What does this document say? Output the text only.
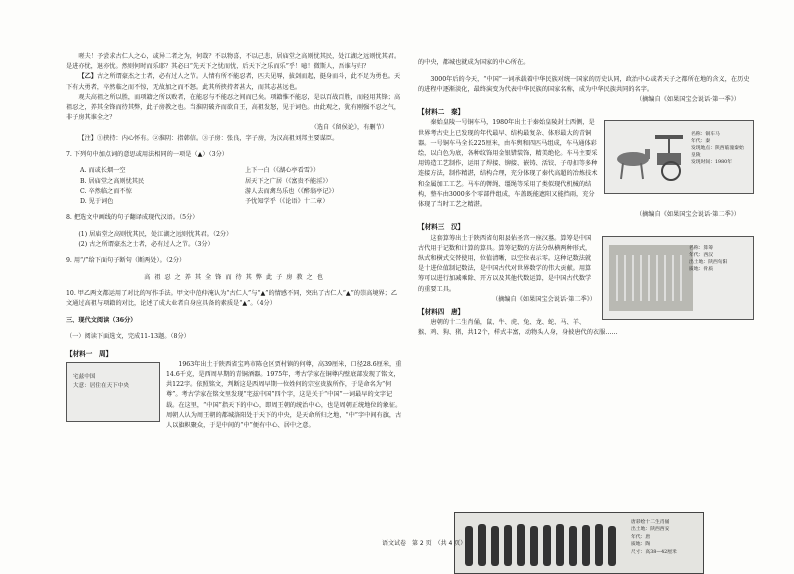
嗟夫！予尝求古仁人之心，或异二者之为，何哉？不以物喜，不以己悲，居庙堂之高则忧其民，处江湖之远则忧其君。是进亦忧，退亦忧。然则何时而乐耶？其必曰“先天下之忧而忧，后天下之乐而乐”乎！噫！微斯人，吾谁与归？

【乙】古之所谓豪杰之士者，必有过人之节。人情有所不能忍者，匹夫见辱，拔剑而起，挺身而斗，此不足为勇也。天下有大勇者，卒然临之而不惊，无故加之而不怒。此其所挟持者甚大，而其志甚远也。

观夫高祖之所以胜，而项籍之所以败者，在能忍与不能忍之间而已矣。项籍惟不能忍，是以百战百胜，而轻用其锋；高祖忍之，养其全锋而待其弊，此子房教之也。当淮阴破齐而欲自王，高祖发怒，见于词色。由此观之，犹有刚强不忍之气，非子房其谁全之？

（选自《留侯论》，有删节）

【注】①挟持：内心怀有。②淮阴：指韩信。③子房：张良，字子房，为汉高祖刘邦主要谋臣。

7. 下列句中加点词的意思或用法相同的一项是（▲）（3分）

A. 而或长烟一空	上下一白（《湖心亭看雪》）
B. 居庙堂之高则忧其民	居天下之广居（《富贵不能淫》）
C. 卒然临之而不惊	游人去而禽鸟乐也（《醉翁亭记》）
D. 见于词色	予忧知学乎（《论语》十二章）

8. 把选文中画线的句子翻译成现代汉语。（5分）

(1) 居庙堂之高则忧其民，处江湖之远则忧其君。（2分）

(2) 古之所谓豪杰之士者，必有过人之节。（3分）

9. 用“/”给下面句子断句（断两处）。（2分）

高 祖 忍 之 养 其 全 锋 而 待 其 弊 此 子 房 教 之 也

10. 甲乙两文都运用了对比的写作手法。甲文中范仲淹认为“古仁人”与“▲”的情感不同，突出了古仁人“▲”的崇高境界；乙文通过高祖与项籍的对比，论述了成大业者自身应具备的素质是“▲”。（4分）

三、现代文阅读（36分）

（一）阅读下面选文，完成11-13题。（8分）

【材料一　周】

宅兹中国
大意：居住在天下中央

1963年出土于陕西省宝鸡市陈仓区贾村镇的何尊，高39厘米，口径28.6厘米，重14.6千克，是西周早期的青铜酒器。1975年，考古学家在铜尊内壁底部发现了铭文，共122字。依照铭文，判断这是西周早期一位姓何的宗室贵族所作，于是命名为“何尊”。考古学家在铭文里发现“宅兹中国”四个字，这是关于“中国”一词最早的文字记载。在这里，“中国”指天下的中心，即周王朝的统治中心，也是周朝正统地位的象征。周朝人认为周王朝的都城洛阳处于天下的中央，是天命所归之地，“中”字中间有旗，古人以旗帜聚众，于是中间的“中”便有中心、居中之意。

的中央，都城也就成为国家的中心所在。

3000年后的今天，“中国”一词承载着中华民族对统一国家的历史认同，政治中心或者天子之都所在地的含义，在历史的进程中逐渐淡化，最终演变为代表中华民族的国家名称，成为中华民族共同的名字。

（摘编自《如果国宝会说话·第一季》）

【材料二　秦】

名称：铜车马
年代：秦
发现地点：陕西临潼秦始皇陵
发现时间：1980年

秦始皇陵一号铜车马，1980年出土于秦始皇陵封土西侧，是世界考古史上已发现的年代最早、结构最复杂、体形最大的青铜器。一号铜车马全长225厘米，由车舆和四匹马组成，车马通体彩绘，以白色为底，各种纹饰用金银错装饰，精美绝伦。车马主要采用铸造工艺制作，运用了焊接、铆接、嵌铸、活铰、子母扣等多种连接方法，制作精湛，结构合理，充分体现了秦代高超的冶炼技术和金属加工工艺。马车的辔绳、缰绳等采用了类似现代机械的结构，整车由3000多个零部件组成，车盖既能遮阳又能挡雨，充分体现了当时工艺之精湛。

（摘编自《如果国宝会说话·第二季》）

【材料三　汉】

名称：算筹
年代：西汉
出土地：陕西旬阳
质地：骨质

这套算筹出土于陕西省旬阳县佑圣宫一座汉墓。算筹是中国古代用于记数和计算的算具。算筹记数的方法分纵横两种形式，纵式和横式交替使用，位值清晰，以空位表示零。这种记数法就是十进位值制记数法，是中国古代对世界数学的伟大贡献。用算筹可以进行加减乘除、开方以及其他代数运算，是中国古代数学的重要工具。

（摘编自《如果国宝会说话·第二季》）

【材料四　唐】

唐朝的十二生肖俑，鼠、牛、虎、兔、龙、蛇、马、羊、猴、鸡、狗、猪，共12个，样式丰富，动物头人身，身披唐代的衣服……

唐彩绘十二生肖俑
出土地：陕西西安
年代：唐
质地：陶
尺寸：高38—42厘米
语文试卷　第 2 页　（共 4 页）
